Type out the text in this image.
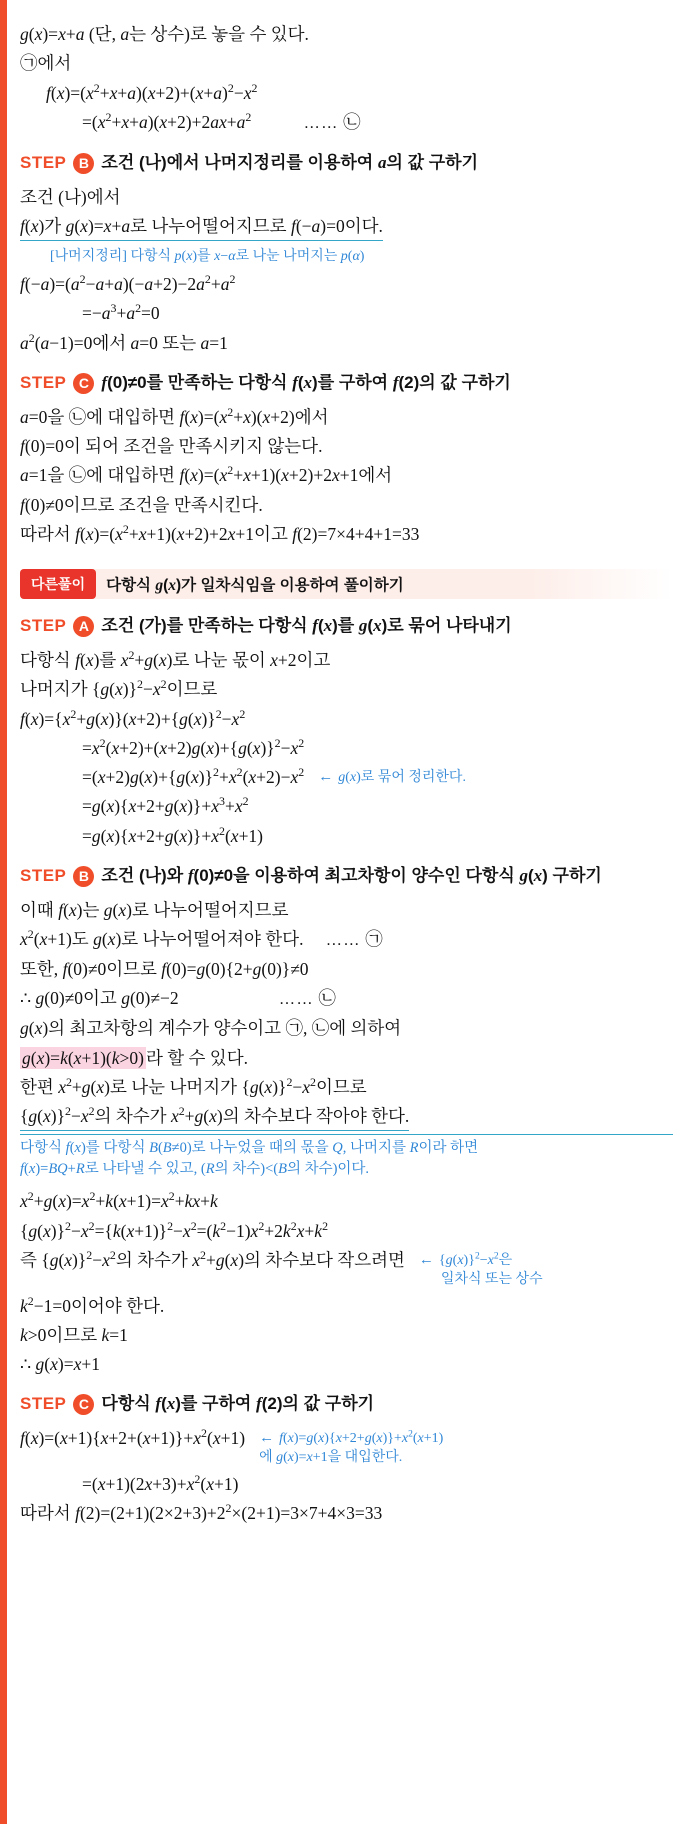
g(x)=x+a (단, a는 상수)로 놓을 수 있다.
㉠에서
$f(x)=(x^2+x+a)(x+2)+(x+a)^2-x^2$
$=(x^2+x+a)(x+2)+2ax+a^2$	…… ㉡
STEP B 조건 (나)에서 나머지정리를 이용하여 a의 값 구하기
조건 (나)에서
f(x)가 g(x)=x+a로 나누어떨어지므로 f(−a)=0이다.
[나머지정리] 다항식 p(x)를 x−α로 나눈 나머지는 p(α)
$f(-a)=(a^2-a+a)(-a+2)-2a^2+a^2$
$=-a^3+a^2=0$
$a^2(a-1)=0$에서 a=0 또는 a=1
STEP C f(0)≠0를 만족하는 다항식 f(x)를 구하여 f(2)의 값 구하기
a=0을 ㉡에 대입하면 $f(x)=(x^2+x)(x+2)$에서
f(0)=0이 되어 조건을 만족시키지 않는다.
a=1을 ㉡에 대입하면 $f(x)=(x^2+x+1)(x+2)+2x+1$에서
f(0)≠0이므로 조건을 만족시킨다.
따라서 $f(x)=(x^2+x+1)(x+2)+2x+1$이고 f(2)=7×4+4+1=33
다른풀이	다항식 g(x)가 일차식임을 이용하여 풀이하기
STEP A 조건 (가)를 만족하는 다항식 f(x)를 g(x)로 묶어 나타내기
다항식 f(x)를 $x^2+g(x)$로 나눈 몫이 x+2이고
나머지가 $\{g(x)\}^2-x^2$이므로
$f(x)=\{x^2+g(x)\}(x+2)+\{g(x)\}^2-x^2$
$=x^2(x+2)+(x+2)g(x)+\{g(x)\}^2-x^2$
$=(x+2)g(x)+\{g(x)\}^2+x^2(x+2)-x^2$ ← g(x)로 묶어 정리한다.
$=g(x)\{x+2+g(x)\}+x^3+x^2$
$=g(x)\{x+2+g(x)\}+x^2(x+1)$
STEP B 조건 (나)와 f(0)≠0을 이용하여 최고차항이 양수인 다항식 g(x) 구하기
이때 f(x)는 g(x)로 나누어떨어지므로
$x^2(x+1)$도 g(x)로 나누어떨어져야 한다. …… ㉠
또한, f(0)≠0이므로 f(0)=g(0){2+g(0)}≠0
∴ g(0)≠0이고 g(0)≠−2	…… ㉡
g(x)의 최고차항의 계수가 양수이고 ㉠, ㉡에 의하여
g(x)=k(x+1)(k>0) 라 할 수 있다.
한편 $x^2+g(x)$로 나눈 나머지가 $\{g(x)\}^2-x^2$이므로
$\{g(x)\}^2-x^2$의 차수가 $x^2+g(x)$의 차수보다 작아야 한다.
다항식 f(x)를 다항식 B(B≠0)로 나누었을 때의 몫을 Q, 나머지를 R이라 하면
f(x)=BQ+R로 나타낼 수 있고, (R의 차수)<(B의 차수)이다.
$x^2+g(x)=x^2+k(x+1)=x^2+kx+k$
$\{g(x)\}^2-x^2=\{k(x+1)\}^2-x^2=(k^2-1)x^2+2k^2x+k^2$
즉 $\{g(x)\}^2-x^2$의 차수가 $x^2+g(x)$의 차수보다 작으려면 ← $\{g(x)\}^2-x^2$은
일차식 또는 상수
$k^2-1=0$이어야 한다.
k>0이므로 k=1
∴ g(x)=x+1
STEP C 다항식 f(x)를 구하여 f(2)의 값 구하기
$f(x)=(x+1)\{x+2+(x+1)\}+x^2(x+1)$ ← $f(x)=g(x)\{x+2+g(x)\}+x^2(x+1)$
에 g(x)=x+1을 대입한다.
$=(x+1)(2x+3)+x^2(x+1)$
따라서 $f(2)=(2+1)(2\times 2+3)+2^2\times(2+1)=3\times 7+4\times 3=33$
